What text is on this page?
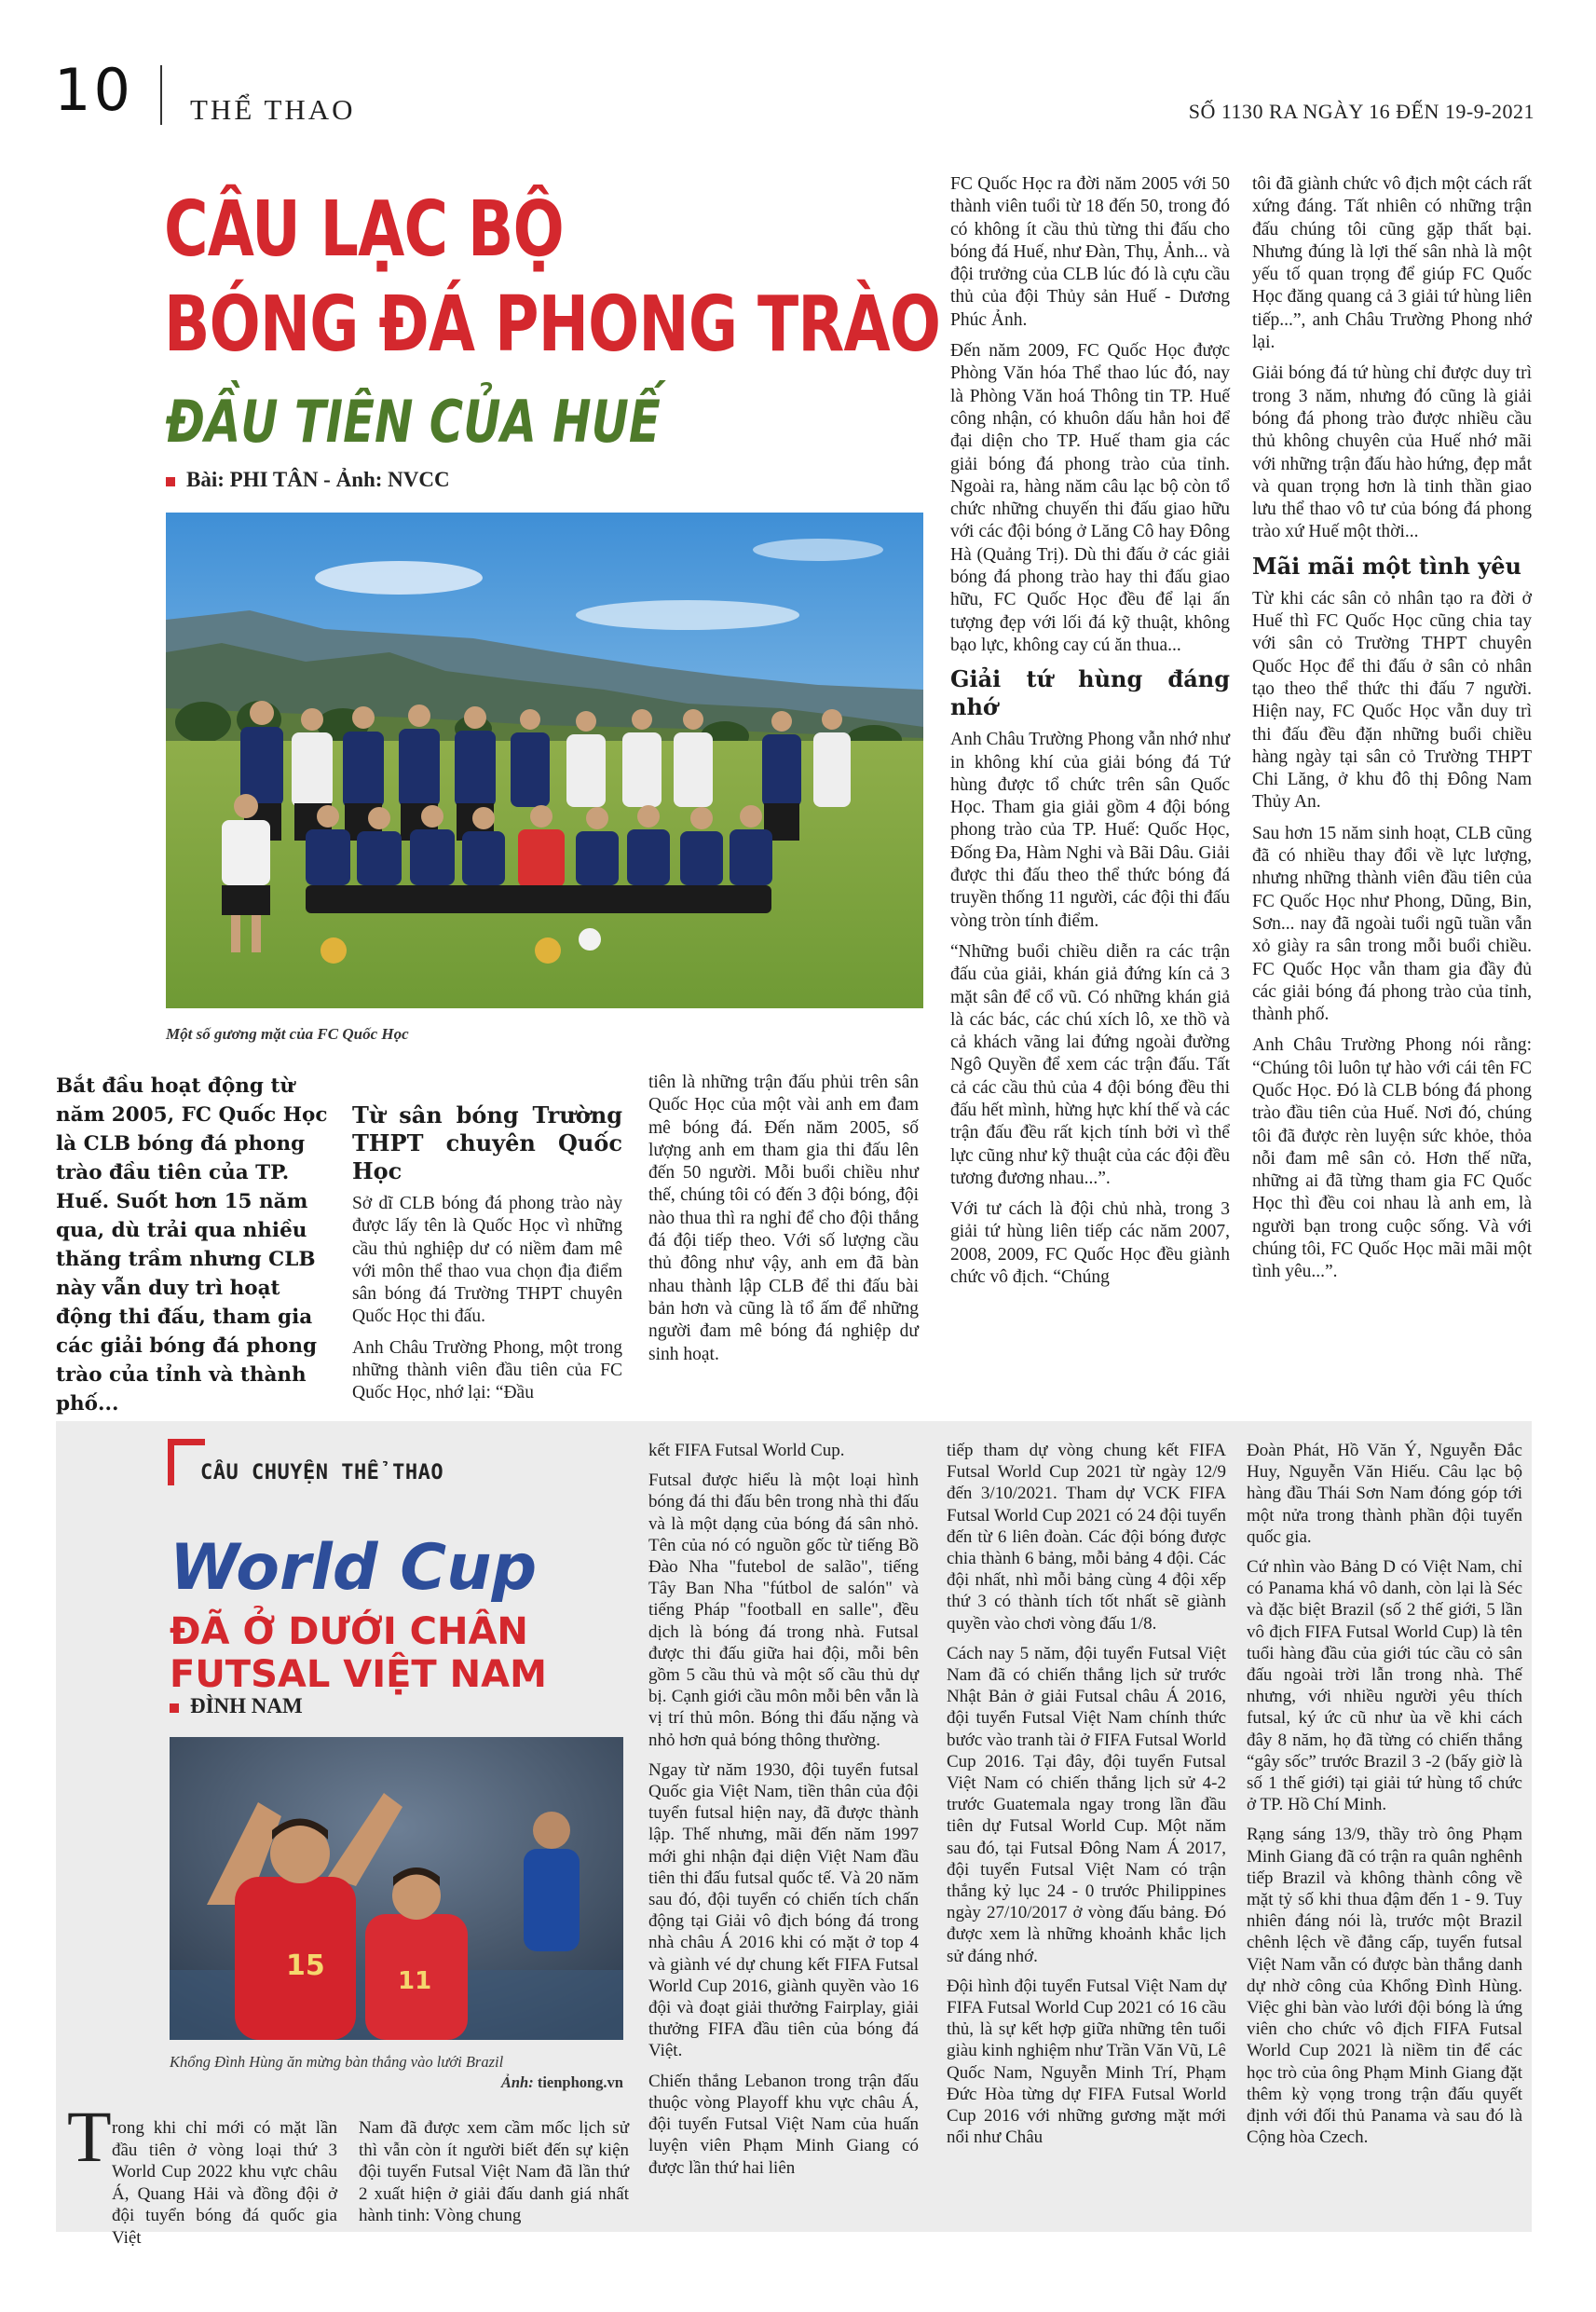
10 THỂ THAO	SỐ 1130 RA NGÀY 16 ĐẾN 19-9-2021
CÂU LẠC BỘ
BÓNG ĐÁ PHONG TRÀO
ĐẦU TIÊN CỦA HUẾ
Bài: PHI TÂN - Ảnh: NVCC
Một số gương mặt của FC Quốc Học
Bắt đầu hoạt động từ năm 2005, FC Quốc Học là CLB bóng đá phong trào đầu tiên của TP. Huế. Suốt hơn 15 năm qua, dù trải qua nhiều thăng trầm nhưng CLB này vẫn duy trì hoạt động thi đấu, tham gia các giải bóng đá phong trào của tỉnh và thành phố...
Từ sân bóng Trường THPT chuyên Quốc Học

Sở dĩ CLB bóng đá phong trào này được lấy tên là Quốc Học vì những cầu thủ nghiệp dư có niềm đam mê với môn thể thao vua chọn địa điểm sân bóng đá Trường THPT chuyên Quốc Học thi đấu.

Anh Châu Trường Phong, một trong những thành viên đầu tiên của FC Quốc Học, nhớ lại: “Đầu

tiên là những trận đấu phủi trên sân Quốc Học của một vài anh em đam mê bóng đá. Đến năm 2005, số lượng anh em tham gia thi đấu lên đến 50 người. Mỗi buổi chiều như thế, chúng tôi có đến 3 đội bóng, đội nào thua thì ra nghỉ để cho đội thắng đá đội tiếp theo. Với số lượng cầu thủ đông như vậy, anh em đã bàn nhau thành lập CLB để thi đấu bài bản hơn và cũng là tổ ấm để những người đam mê bóng đá nghiệp dư sinh hoạt.

FC Quốc Học ra đời năm 2005 với 50 thành viên tuổi từ 18 đến 50, trong đó có không ít cầu thủ từng thi đấu cho bóng đá Huế, như Đàn, Thụ, Ảnh... và đội trưởng của CLB lúc đó là cựu cầu thủ của đội Thủy sản Huế - Dương Phúc Ảnh.

Đến năm 2009, FC Quốc Học được Phòng Văn hóa Thể thao lúc đó, nay là Phòng Văn hoá Thông tin TP. Huế công nhận, có khuôn dấu hẳn hoi để đại diện cho TP. Huế tham gia các giải bóng đá phong trào của tỉnh. Ngoài ra, hàng năm câu lạc bộ còn tổ chức những chuyến thi đấu giao hữu với các đội bóng ở Lăng Cô hay Đông Hà (Quảng Trị). Dù thi đấu ở các giải bóng đá phong trào hay thi đấu giao hữu, FC Quốc Học đều để lại ấn tượng đẹp với lối đá kỹ thuật, không bạo lực, không cay cú ăn thua...

Giải tứ hùng đáng nhớ

Anh Châu Trường Phong vẫn nhớ như in không khí của giải bóng đá Tứ hùng được tổ chức trên sân Quốc Học. Tham gia giải gồm 4 đội bóng phong trào của TP. Huế: Quốc Học, Đống Đa, Hàm Nghi và Bãi Dâu. Giải được thi đấu theo thể thức bóng đá truyền thống 11 người, các đội thi đấu vòng tròn tính điểm.

“Những buổi chiều diễn ra các trận đấu của giải, khán giả đứng kín cả 3 mặt sân để cổ vũ. Có những khán giả là các bác, các chú xích lô, xe thồ và cả khách vãng lai đứng ngoài đường Ngô Quyền để xem các trận đấu. Tất cả các cầu thủ của 4 đội bóng đều thi đấu hết mình, hừng hực khí thế và các trận đấu đều rất kịch tính bởi vì thể lực cũng như kỹ thuật của các đội đều tương đương nhau...”.

Với tư cách là đội chủ nhà, trong 3 giải tứ hùng liên tiếp các năm 2007, 2008, 2009, FC Quốc Học đều giành chức vô địch. “Chúng

tôi đã giành chức vô địch một cách rất xứng đáng. Tất nhiên có những trận đấu chúng tôi cũng gặp thất bại. Nhưng đúng là lợi thế sân nhà là một yếu tố quan trọng để giúp FC Quốc Học đăng quang cả 3 giải tứ hùng liên tiếp...”, anh Châu Trường Phong nhớ lại.

Giải bóng đá tứ hùng chỉ được duy trì trong 3 năm, nhưng đó cũng là giải bóng đá phong trào được nhiều cầu thủ không chuyên của Huế nhớ mãi với những trận đấu hào hứng, đẹp mắt và quan trọng hơn là tinh thần giao lưu thể thao vô tư của bóng đá phong trào xứ Huế một thời...

Mãi mãi một tình yêu

Từ khi các sân cỏ nhân tạo ra đời ở Huế thì FC Quốc Học cũng chia tay với sân cỏ Trường THPT chuyên Quốc Học để thi đấu ở sân cỏ nhân tạo theo thể thức thi đấu 7 người. Hiện nay, FC Quốc Học vẫn duy trì thi đấu đều đặn những buổi chiều hàng ngày tại sân cỏ Trường THPT Chi Lăng, ở khu đô thị Đông Nam Thủy An.

Sau hơn 15 năm sinh hoạt, CLB cũng đã có nhiều thay đổi về lực lượng, nhưng những thành viên đầu tiên của FC Quốc Học như Phong, Dũng, Bin, Sơn... nay đã ngoài tuổi ngũ tuần vẫn xỏ giày ra sân trong mỗi buổi chiều. FC Quốc Học vẫn tham gia đầy đủ các giải bóng đá phong trào của tỉnh, thành phố.

Anh Châu Trường Phong nói rằng: “Chúng tôi luôn tự hào với cái tên FC Quốc Học. Đó là CLB bóng đá phong trào đầu tiên của Huế. Nơi đó, chúng tôi đã được rèn luyện sức khỏe, thỏa nỗi đam mê sân cỏ. Hơn thế nữa, những ai đã từng tham gia FC Quốc Học thì đều coi nhau là anh em, là người bạn trong cuộc sống. Và với chúng tôi, FC Quốc Học mãi mãi một tình yêu...”.

CÂU CHUYỆN THỂ THAO
World Cup
ĐÃ Ở DƯỚI CHÂN
FUTSAL VIỆT NAM
ĐÌNH NAM
15	11
Khổng Đình Hùng ăn mừng bàn thắng vào lưới Brazil
Ảnh: tienphong.vn
T rong khi chỉ mới có mặt lần đầu tiên ở vòng loại thứ 3 World Cup 2022 khu vực châu Á, Quang Hải và đồng đội ở đội tuyển bóng đá quốc gia Việt

Nam đã được xem cầm mốc lịch sử thì vẫn còn ít người biết đến sự kiện đội tuyển Futsal Việt Nam đã lần thứ 2 xuất hiện ở giải đấu danh giá nhất hành tinh: Vòng chung

kết FIFA Futsal World Cup.

Futsal được hiểu là một loại hình bóng đá thi đấu bên trong nhà thi đấu và là một dạng của bóng đá sân nhỏ. Tên của nó có nguồn gốc từ tiếng Bồ Đào Nha "futebol de salão", tiếng Tây Ban Nha "fútbol de salón" và tiếng Pháp "football en salle", đều dịch là bóng đá trong nhà. Futsal được thi đấu giữa hai đội, mỗi bên gồm 5 cầu thủ và một số cầu thủ dự bị. Cạnh giới cầu môn mỗi bên vẫn là vị trí thủ môn. Bóng thi đấu nặng và nhỏ hơn quả bóng thông thường.

Ngay từ năm 1930, đội tuyển futsal Quốc gia Việt Nam, tiền thân của đội tuyển futsal hiện nay, đã được thành lập. Thế nhưng, mãi đến năm 1997 mới ghi nhận đại diện Việt Nam đầu tiên thi đấu futsal quốc tế. Và 20 năm sau đó, đội tuyển có chiến tích chấn động tại Giải vô địch bóng đá trong nhà châu Á 2016 khi có mặt ở top 4 và giành vé dự chung kết FIFA Futsal World Cup 2016, giành quyền vào 16 đội và đoạt giải thưởng Fairplay, giải thưởng FIFA đầu tiên của bóng đá Việt.

Chiến thắng Lebanon trong trận đấu thuộc vòng Playoff khu vực châu Á, đội tuyển Futsal Việt Nam của huấn luyện viên Phạm Minh Giang có được lần thứ hai liên

tiếp tham dự vòng chung kết FIFA Futsal World Cup 2021 từ ngày 12/9 đến 3/10/2021. Tham dự VCK FIFA Futsal World Cup 2021 có 24 đội tuyển đến từ 6 liên đoàn. Các đội bóng được chia thành 6 bảng, mỗi bảng 4 đội. Các đội nhất, nhì mỗi bảng cùng 4 đội xếp thứ 3 có thành tích tốt nhất sẽ giành quyền vào chơi vòng đấu 1/8.

Cách nay 5 năm, đội tuyển Futsal Việt Nam đã có chiến thắng lịch sử trước Nhật Bản ở giải Futsal châu Á 2016, đội tuyển Futsal Việt Nam chính thức bước vào tranh tài ở FIFA Futsal World Cup 2016. Tại đây, đội tuyển Futsal Việt Nam có chiến thắng lịch sử 4-2 trước Guatemala ngay trong lần đầu tiên dự Futsal World Cup. Một năm sau đó, tại Futsal Đông Nam Á 2017, đội tuyển Futsal Việt Nam có trận thắng kỷ lục 24 - 0 trước Philippines ngày 27/10/2017 ở vòng đấu bảng. Đó được xem là những khoảnh khắc lịch sử đáng nhớ.

Đội hình đội tuyển Futsal Việt Nam dự FIFA Futsal World Cup 2021 có 16 cầu thủ, là sự kết hợp giữa những tên tuổi giàu kinh nghiệm như Trần Văn Vũ, Lê Quốc Nam, Nguyễn Minh Trí, Phạm Đức Hòa từng dự FIFA Futsal World Cup 2016 với những gương mặt mới nổi như Châu

Đoàn Phát, Hồ Văn Ý, Nguyễn Đắc Huy, Nguyễn Văn Hiếu. Câu lạc bộ hàng đầu Thái Sơn Nam đóng góp tới một nửa trong thành phần đội tuyển quốc gia.

Cứ nhìn vào Bảng D có Việt Nam, chỉ có Panama khá vô danh, còn lại là Séc và đặc biệt Brazil (số 2 thế giới, 5 lần vô địch FIFA Futsal World Cup) là tên tuổi hàng đầu của giới túc cầu cỏ sân đấu ngoài trời lẫn trong nhà. Thế nhưng, với nhiều người yêu thích futsal, ký ức cũ như ùa về khi cách đây 8 năm, họ đã từng có chiến thắng “gây sốc” trước Brazil 3 -2 (bấy giờ là số 1 thế giới) tại giải tứ hùng tổ chức ở TP. Hồ Chí Minh.

Rạng sáng 13/9, thầy trò ông Phạm Minh Giang đã có trận ra quân nghênh tiếp Brazil và không thành công về mặt tỷ số khi thua đậm đến 1 - 9. Tuy nhiên đáng nói là, trước một Brazil chênh lệch về đẳng cấp, tuyển futsal Việt Nam vẫn có được bàn thắng danh dự nhờ công của Khổng Đình Hùng. Việc ghi bàn vào lưới đội bóng là ứng viên cho chức vô địch FIFA Futsal World Cup 2021 là niềm tin để các học trò của ông Phạm Minh Giang đặt thêm kỳ vọng trong trận đấu quyết định với đối thủ Panama và sau đó là Cộng hòa Czech.
